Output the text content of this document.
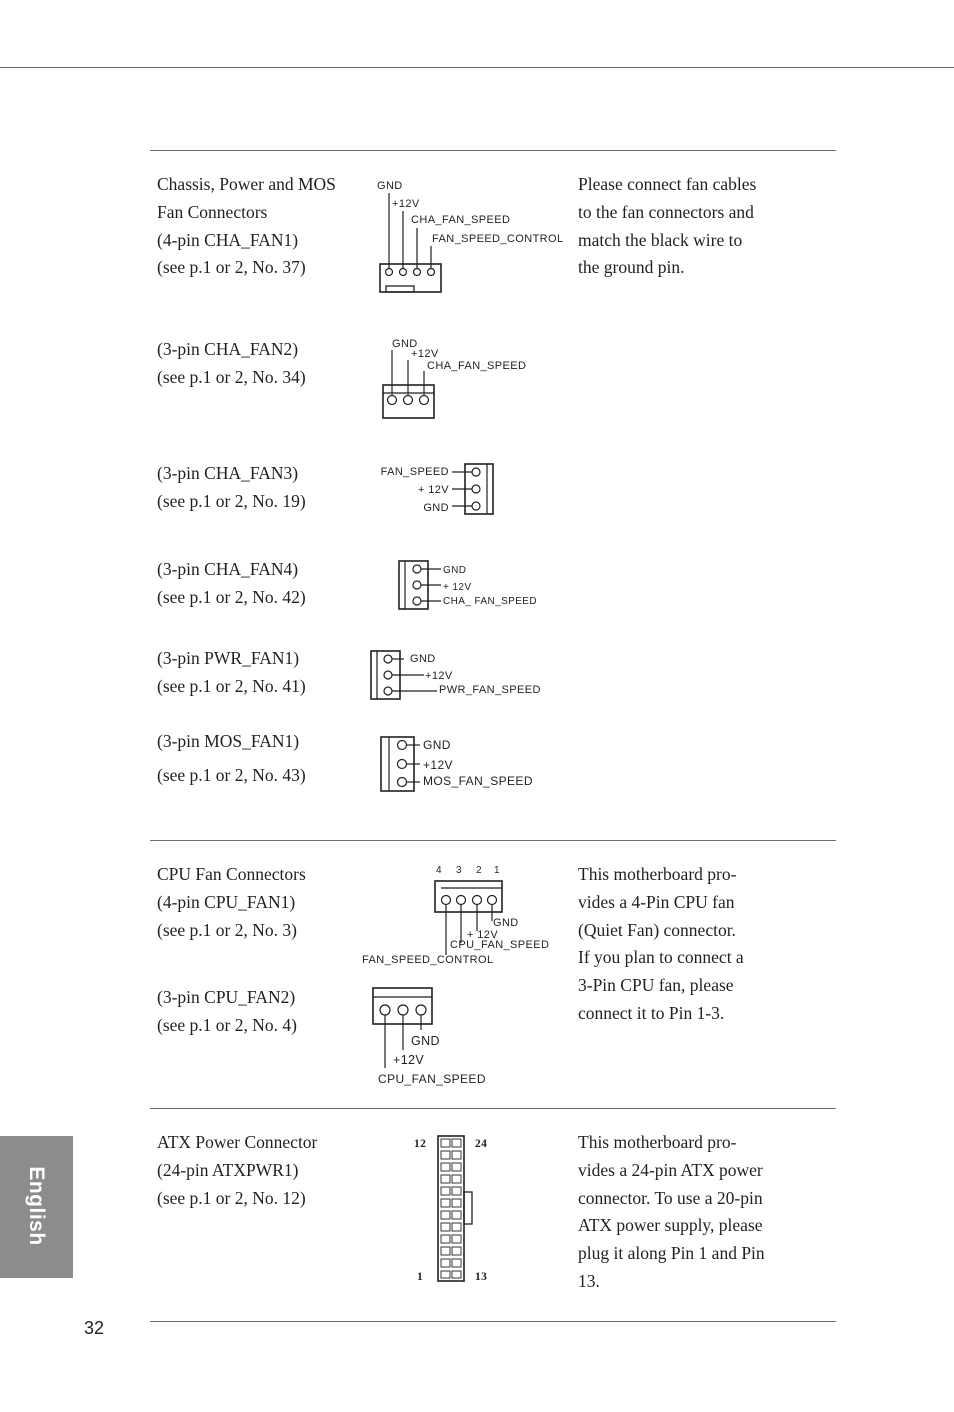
Chassis, Power and MOS
Fan Connectors
(4-pin CHA_FAN1)
(see p.1 or 2, No. 37)
Please connect fan cables
to the fan connectors and
match the black wire to
the ground pin.
(3-pin CHA_FAN2)
(see p.1 or 2, No. 34)
(3-pin CHA_FAN3)
(see p.1 or 2, No. 19)
(3-pin CHA_FAN4)
(see p.1 or 2, No. 42)
(3-pin PWR_FAN1)
(see p.1 or 2, No. 41)
(3-pin MOS_FAN1)
(see p.1 or 2, No. 43)
CPU Fan Connectors
(4-pin CPU_FAN1)
(see p.1 or 2, No. 3)
(3-pin CPU_FAN2)
(see p.1 or 2, No. 4)
This motherboard pro-
vides a 4-Pin CPU fan
(Quiet Fan) connector.
If you plan to connect a
3-Pin CPU fan, please
connect it to Pin 1-3.
ATX Power Connector
(24-pin ATXPWR1)
(see p.1 or 2, No. 12)
This motherboard pro-
vides a 24-pin ATX power
connector. To use a 20-pin
ATX power supply, please
plug it along Pin 1 and Pin
13.
GND
+12V
CHA_FAN_SPEED
FAN_SPEED_CONTROL
GND
+12V
CHA_FAN_SPEED
FAN_SPEED
+ 12V
GND
GND
+ 12V
CHA_ FAN_SPEED
GND
+12V
PWR_FAN_SPEED
GND
+12V
MOS_FAN_SPEED
4 3 2 1
GND
+ 12V
CPU_FAN_SPEED
FAN_SPEED_CONTROL
GND
+12V
CPU_FAN_SPEED
12	24
1	13
English
32
